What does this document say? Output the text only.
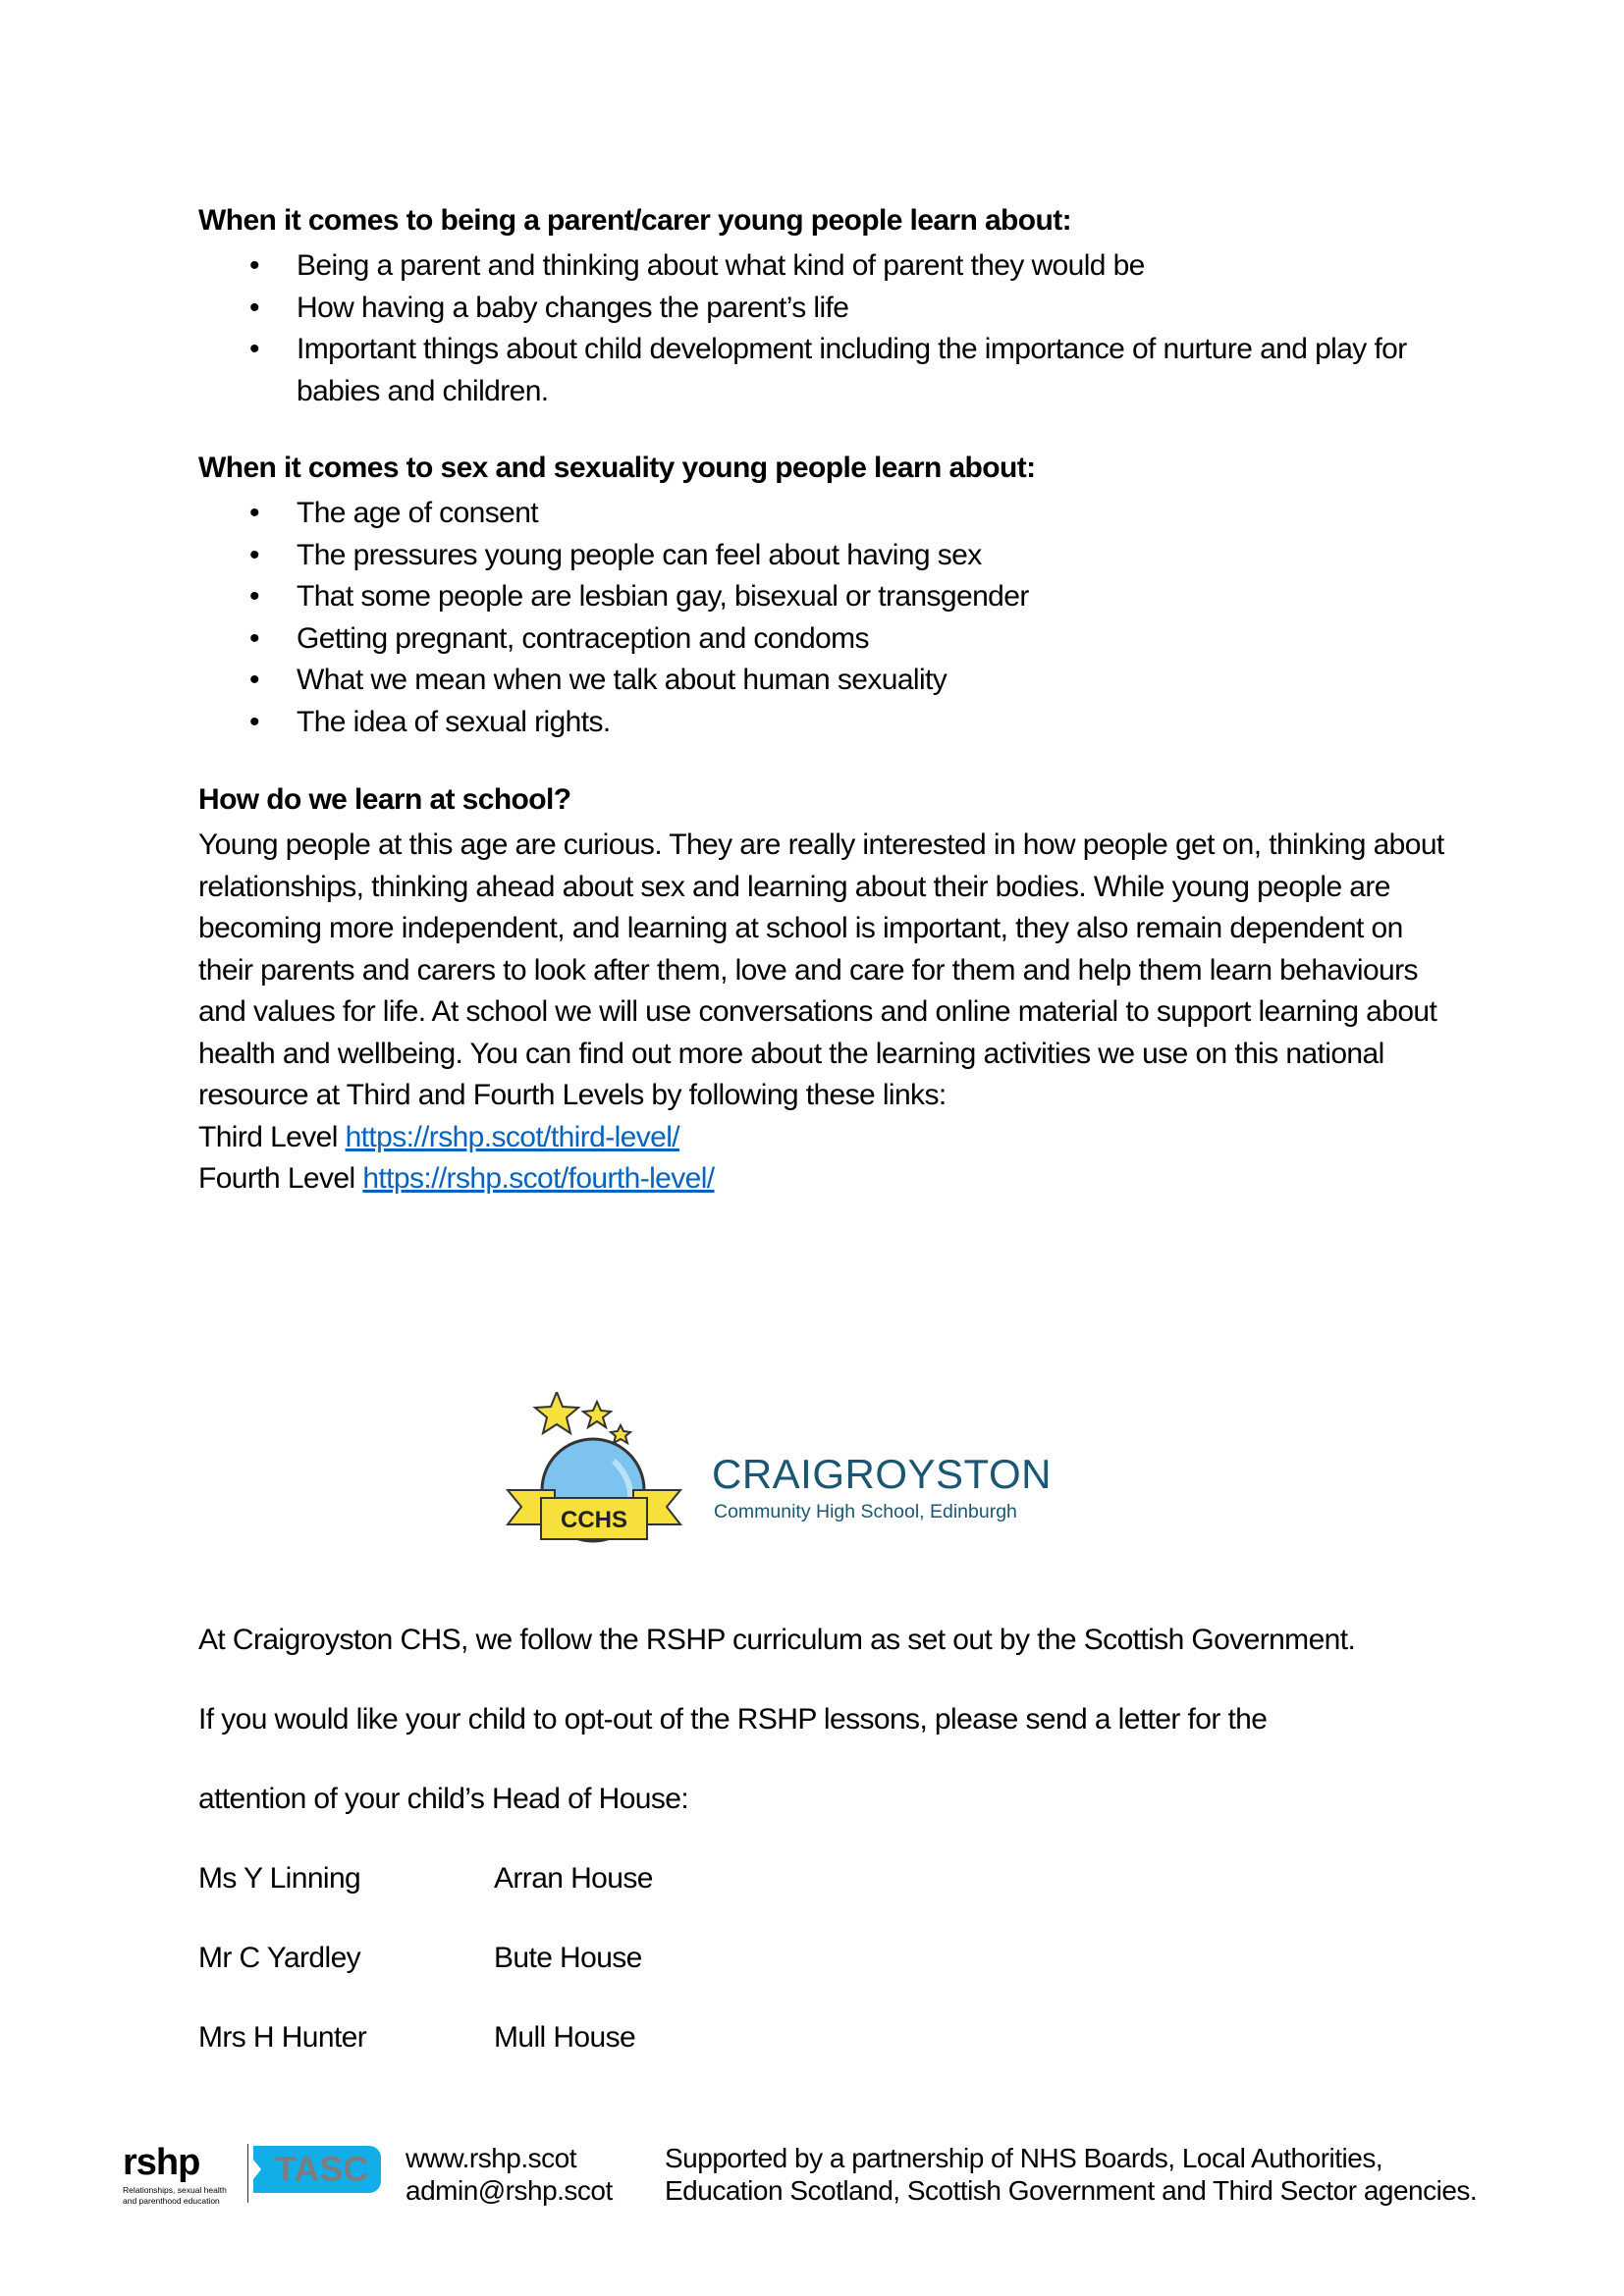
When it comes to being a parent/carer young people learn about:
• Being a parent and thinking about what kind of parent they would be
• How having a baby changes the parent’s life
• Important things about child development including the importance of nurture and play for babies and children.
When it comes to sex and sexuality young people learn about:
• The age of consent
• The pressures young people can feel about having sex
• That some people are lesbian gay, bisexual or transgender
• Getting pregnant, contraception and condoms
• What we mean when we talk about human sexuality
• The idea of sexual rights.
How do we learn at school?

Young people at this age are curious. They are really interested in how people get on, thinking about relationships, thinking ahead about sex and learning about their bodies. While young people are becoming more independent, and learning at school is important, they also remain dependent on their parents and carers to look after them, love and care for them and help them learn behaviours and values for life. At school we will use conversations and online material to support learning about health and wellbeing. You can find out more about the learning activities we use on this national resource at Third and Fourth Levels by following these links:

Third Level https://rshp.scot/third-level/

Fourth Level https://rshp.scot/fourth-level/

CCHS
CRAIGROYSTON
Community High School, Edinburgh
At Craigroyston CHS, we follow the RSHP curriculum as set out by the Scottish Government.
If you would like your child to opt-out of the RSHP lessons, please send a letter for the
attention of your child’s Head of House:
Ms Y Linning	Arran House
Mr C Yardley	Bute House
Mrs H Hunter	Mull House
rshp
Relationships, sexual health and parenthood education
TASC www.rshp.scot
admin@rshp.scot
Supported by a partnership of NHS Boards, Local Authorities,
Education Scotland, Scottish Government and Third Sector agencies.
